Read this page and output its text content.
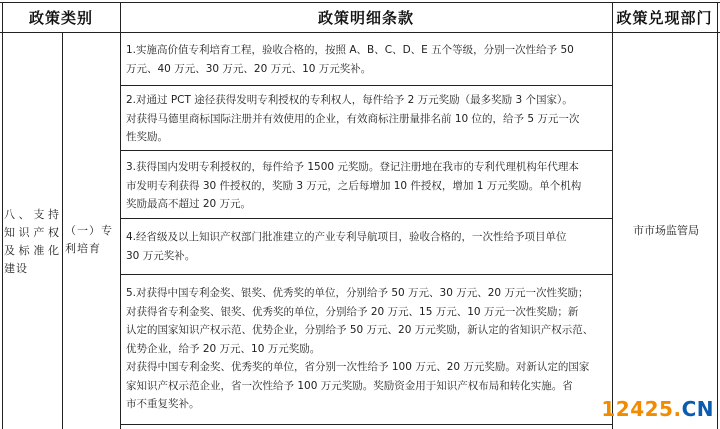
政策类别	政策明细条款	政策兑现部门
八、支持知识产权及标准化建设
（一）专利培育

1.实施高价值专利培育工程，验收合格的，按照 A、B、C、D、E 五个等级，分别一次性给予 50

万元、40 万元、30 万元、20 万元、10 万元奖补。

2.对通过 PCT 途径获得发明专利授权的专利权人，每件给予 2 万元奖励（最多奖励 3 个国家）。

对获得马德里商标国际注册并有效使用的企业，有效商标注册量排名前 10 位的，给予 5 万元一次

性奖励。

3.获得国内发明专利授权的，每件给予 1500 元奖励。登记注册地在我市的专利代理机构年代理本

市发明专利获得 30 件授权的，奖励 3 万元，之后每增加 10 件授权，增加 1 万元奖励。单个机构

奖励最高不超过 20 万元。

4.经省级及以上知识产权部门批准建立的产业专利导航项目，验收合格的，一次性给予项目单位

30 万元奖补。

5.对获得中国专利金奖、银奖、优秀奖的单位，分别给予 50 万元、30 万元、20 万元一次性奖励；

对获得省专利金奖、银奖、优秀奖的单位，分别给予 20 万元、15 万元、10 万元一次性奖励；新

认定的国家知识产权示范、优势企业，分别给予 50 万元、20 万元奖励，新认定的省知识产权示范、

优势企业，给予 20 万元、10 万元奖励。

对获得中国专利金奖、优秀奖的单位，省分别一次性给予 100 万元、20 万元奖励。对新认定的国家

家知识产权示范企业，省一次性给予 100 万元奖励。奖励资金用于知识产权布局和转化实施。省

市不重复奖补。

市市场监管局
12425.CN
